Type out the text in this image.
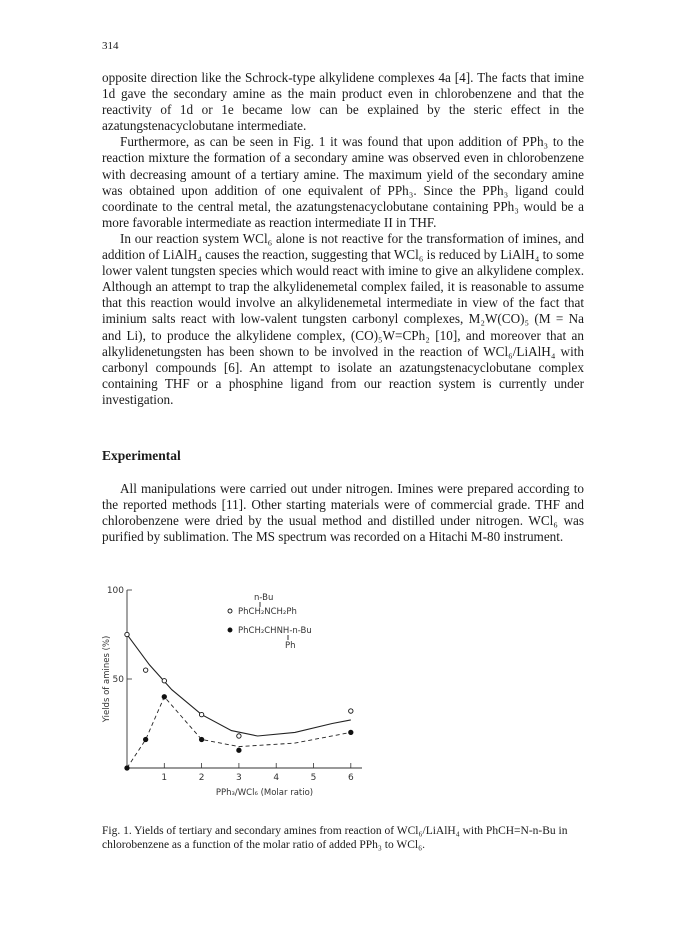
314

opposite direction like the Schrock-type alkylidene complexes 4a [4]. The facts that imine 1d gave the secondary amine as the main product even in chlorobenzene and that the reactivity of 1d or 1e became low can be explained by the steric effect in the azatungstenacyclobutane intermediate.

Furthermore, as can be seen in Fig. 1 it was found that upon addition of PPh₃ to the reaction mixture the formation of a secondary amine was observed even in chlorobenzene with decreasing amount of a tertiary amine. The maximum yield of the secondary amine was obtained upon addition of one equivalent of PPh₃. Since the PPh₃ ligand could coordinate to the central metal, the azatungstenacyclobutane containing PPh₃ would be a more favorable intermediate as reaction intermediate II in THF.

In our reaction system WCl₆ alone is not reactive for the transformation of imines, and addition of LiAlH₄ causes the reaction, suggesting that WCl₆ is reduced by LiAlH₄ to some lower valent tungsten species which would react with imine to give an alkylidene complex. Although an attempt to trap the alkylidenemetal complex failed, it is reasonable to assume that this reaction would involve an alkylidenemetal intermediate in view of the fact that iminium salts react with low-valent tungsten carbonyl complexes, M₂W(CO)₅ (M = Na and Li), to produce the alkylidene complex, (CO)₅W=CPh₂ [10], and moreover that an alkylidenetungsten has been shown to be involved in the reaction of WCl₆/LiAlH₄ with carbonyl compounds [6]. An attempt to isolate an azatungstenacyclobutane complex containing THF or a phosphine ligand from our reaction system is currently under investigation.

Experimental

All manipulations were carried out under nitrogen. Imines were prepared according to the reported methods [11]. Other starting materials were of commercial grade. THF and chlorobenzene were dried by the usual method and distilled under nitrogen. WCl₆ was purified by sublimation. The MS spectrum was recorded on a Hitachi M-80 instrument.

1	2	3	4	5	6
50
100
PPh₃/WCl₆ (Molar ratio)
Yields of amines (%)
n-Bu
PhCH₂NCH₂Ph
PhCH₂CHNH-n-Bu
Ph
Fig. 1. Yields of tertiary and secondary amines from reaction of WCl₆/LiAlH₄ with PhCH=N-n-Bu in chlorobenzene as a function of the molar ratio of added PPh₃ to WCl₆.
